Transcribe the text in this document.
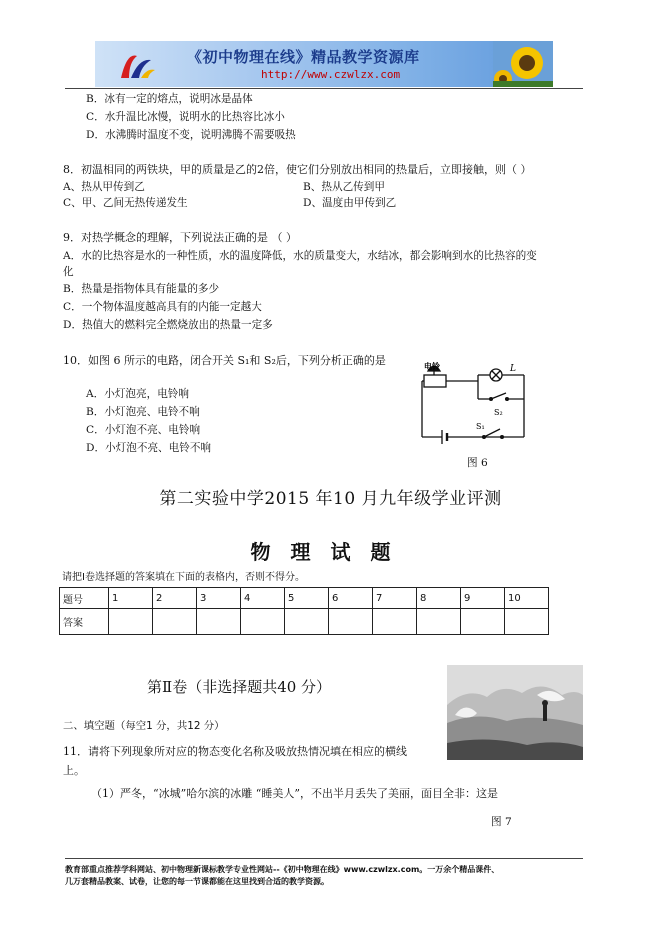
《初中物理在线》精品教学资源库
http://www.czwlzx.com
B．冰有一定的熔点，说明冰是晶体
C．水升温比冰慢，说明水的比热容比冰小
D．水沸腾时温度不变，说明沸腾不需要吸热
8．初温相同的两铁块，甲的质量是乙的2倍，使它们分别放出相同的热量后，立即接触，则（ ）
A、热从甲传到乙	B、热从乙传到甲
C、甲、乙间无热传递发生	D、温度由甲传到乙
9．对热学概念的理解，下列说法正确的是 （ ）
A．水的比热容是水的一种性质，水的温度降低，水的质量变大，水结冰，都会影响到水的比热容的变
化
B．热量是指物体具有能量的多少
C．一个物体温度越高具有的内能一定越大
D．热值大的燃料完全燃烧放出的热量一定多
10．如图 6 所示的电路，闭合开关 S₁和 S₂后，下列分析正确的是
A．小灯泡亮，电铃响
B．小灯泡亮、电铃不响
C．小灯泡不亮、电铃响
D．小灯泡不亮、电铃不响
电铃	L
S₂
S₁
图 6
第二实验中学2015 年10 月九年级学业评测
物理试题
请把Ⅰ卷选择题的答案填在下面的表格内，否则不得分。
题号	1	2	3	4	5	6	7	8	9	10
答案										
第Ⅱ卷（非选择题共40 分）
二、填空题（每空1 分，共12 分）
11．请将下列现象所对应的物态变化名称及吸放热情况填在相应的横线
上。
（1）严冬，“冰城”哈尔滨的冰雕 “睡美人”，不出半月丢失了美丽，面目全非：这是
图 7
教育部重点推荐学科网站、初中物理新课标教学专业性网站--《初中物理在线》www.czwlzx.com。一万余个精品课件、
几万套精品教案、试卷，让您的每一节课都能在这里找到合适的教学资源。
